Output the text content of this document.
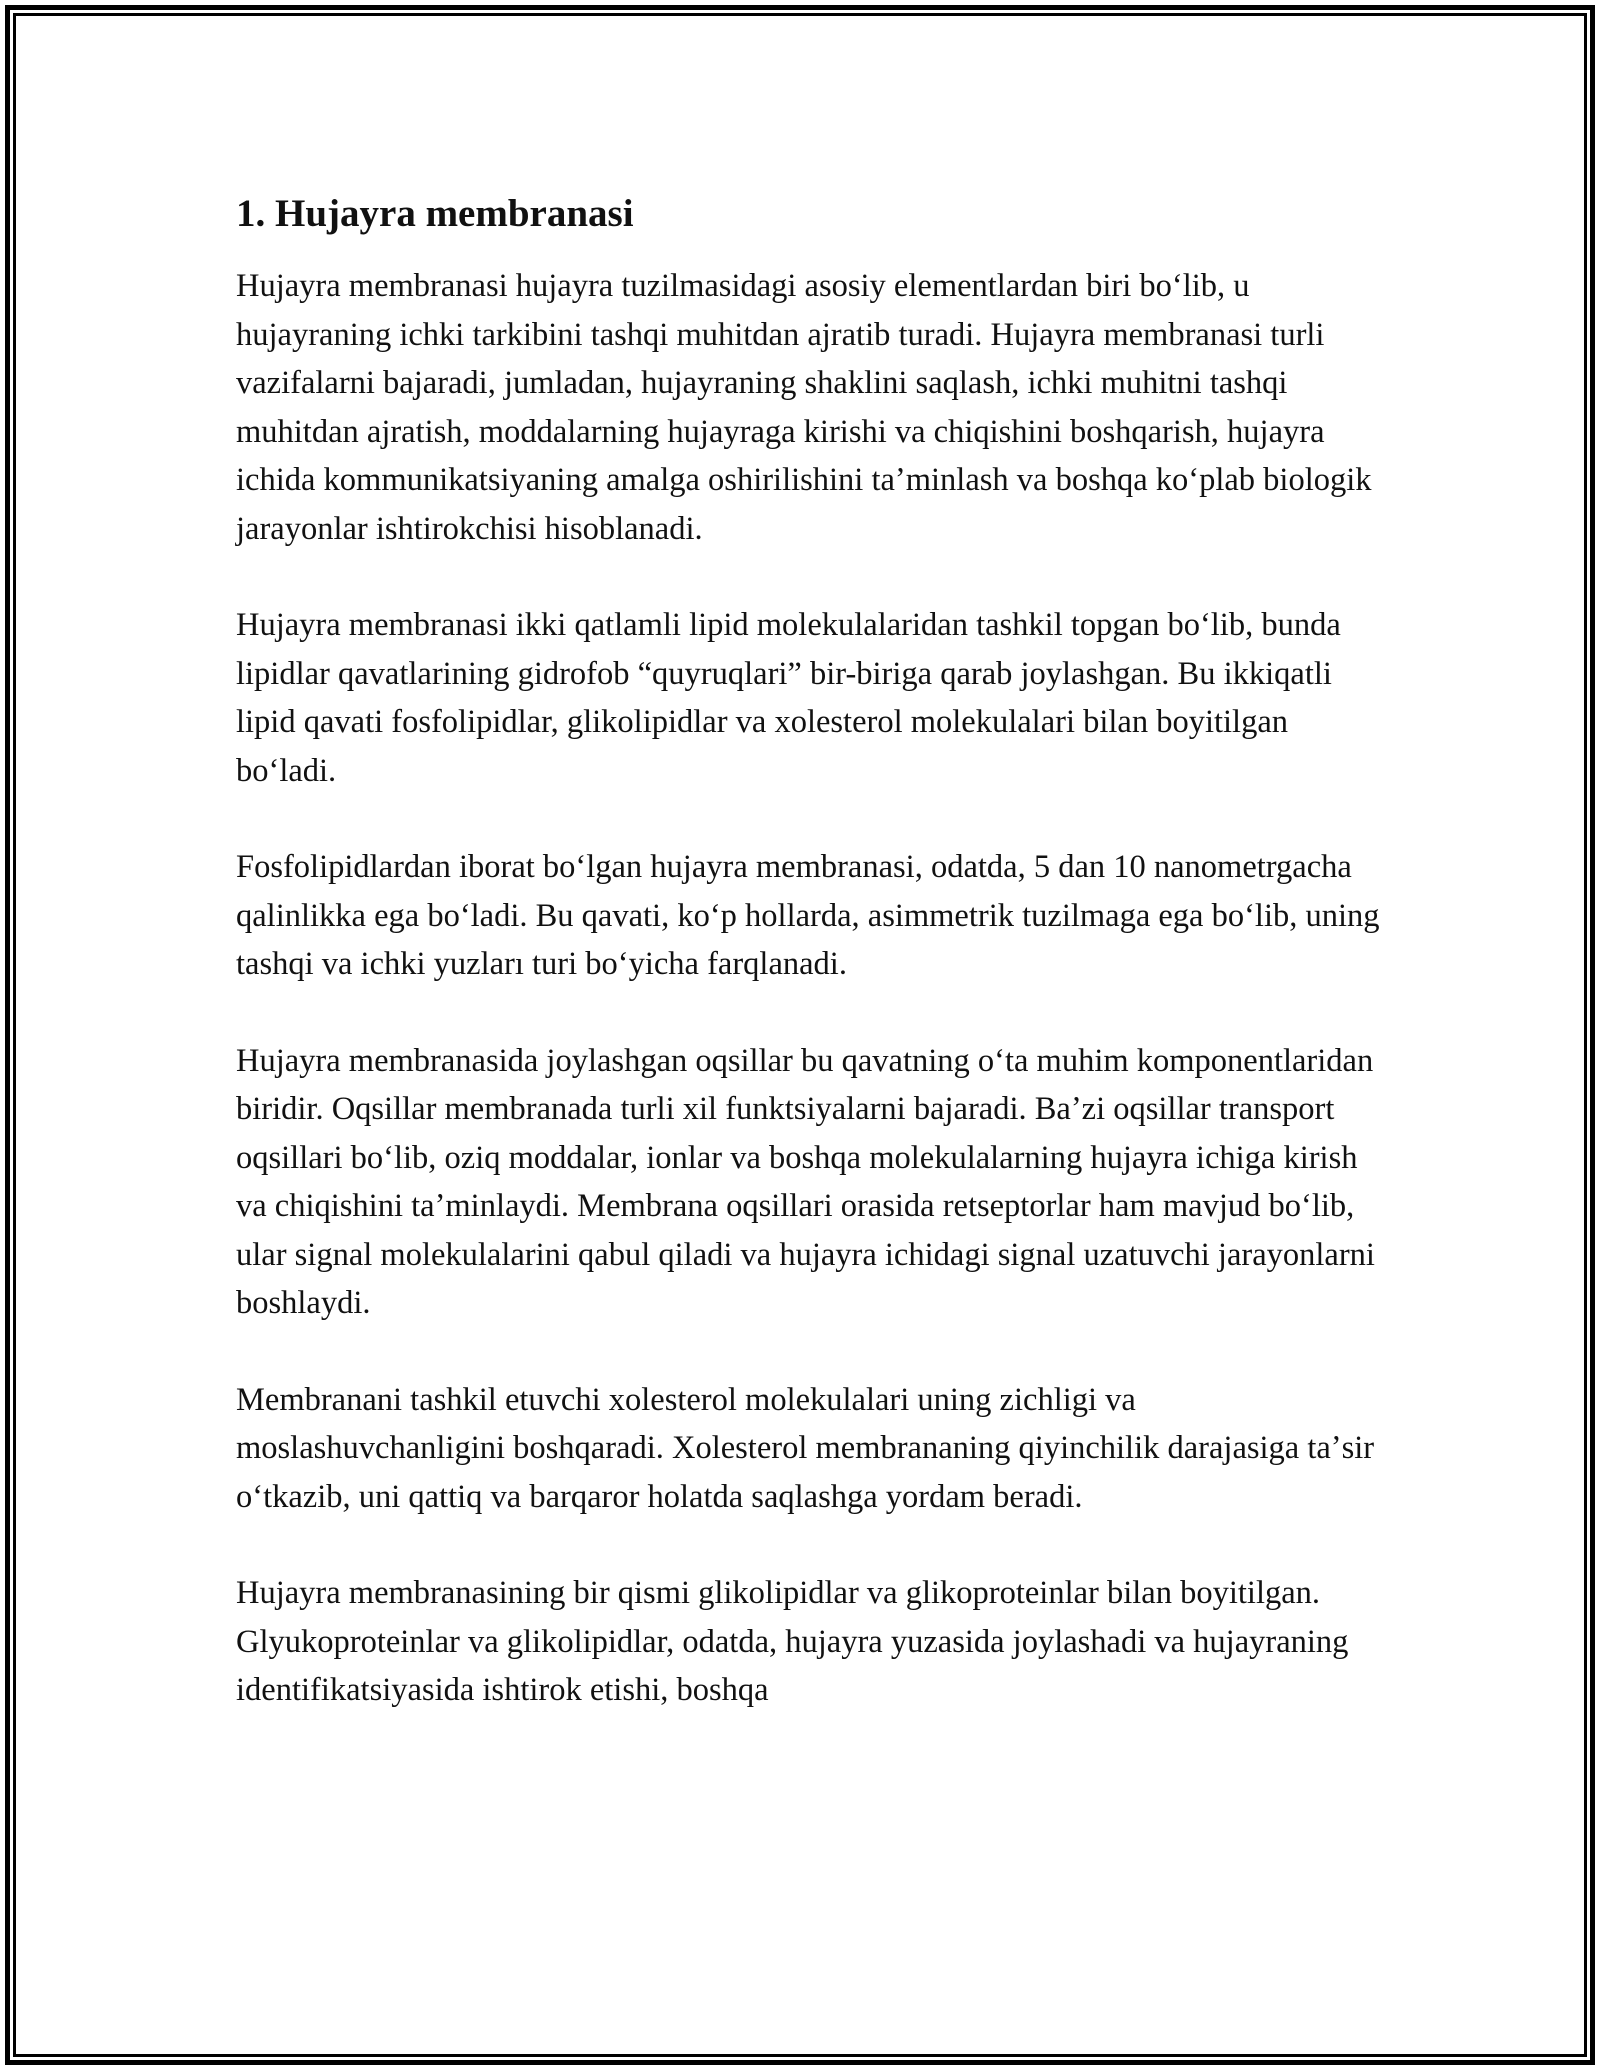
1. Hujayra membranasi

Hujayra membranasi hujayra tuzilmasidagi asosiy elementlardan biri boʻlib, u hujayraning ichki tarkibini tashqi muhitdan ajratib turadi. Hujayra membranasi turli vazifalarni bajaradi, jumladan, hujayraning shaklini saqlash, ichki muhitni tashqi muhitdan ajratish, moddalarning hujayraga kirishi va chiqishini boshqarish, hujayra ichida kommunikatsiyaning amalga oshirilishini taʼminlash va boshqa koʻplab biologik jarayonlar ishtirokchisi hisoblanadi.

Hujayra membranasi ikki qatlamli lipid molekulalaridan tashkil topgan boʻlib, bunda lipidlar qavatlarining gidrofob “quyruqlari” bir-biriga qarab joylashgan. Bu ikkiqatli lipid qavati fosfolipidlar, glikolipidlar va xolesterol molekulalari bilan boyitilgan boʻladi.

Fosfolipidlardan iborat boʻlgan hujayra membranasi, odatda, 5 dan 10 nanometrgacha qalinlikka ega boʻladi. Bu qavati, koʻp hollarda, asimmetrik tuzilmaga ega boʻlib, uning tashqi va ichki yuzları turi boʻyicha farqlanadi.

Hujayra membranasida joylashgan oqsillar bu qavatning oʻta muhim komponentlaridan biridir. Oqsillar membranada turli xil funktsiyalarni bajaradi. Baʼzi oqsillar transport oqsillari boʻlib, oziq moddalar, ionlar va boshqa molekulalarning hujayra ichiga kirish va chiqishini taʼminlaydi. Membrana oqsillari orasida retseptorlar ham mavjud boʻlib, ular signal molekulalarini qabul qiladi va hujayra ichidagi signal uzatuvchi jarayonlarni boshlaydi.

Membranani tashkil etuvchi xolesterol molekulalari uning zichligi va moslashuvchanligini boshqaradi. Xolesterol membrananing qiyinchilik darajasiga taʼsir oʻtkazib, uni qattiq va barqaror holatda saqlashga yordam beradi.

Hujayra membranasining bir qismi glikolipidlar va glikoproteinlar bilan boyitilgan. Glyukoproteinlar va glikolipidlar, odatda, hujayra yuzasida joylashadi va hujayraning identifikatsiyasida ishtirok etishi, boshqa
